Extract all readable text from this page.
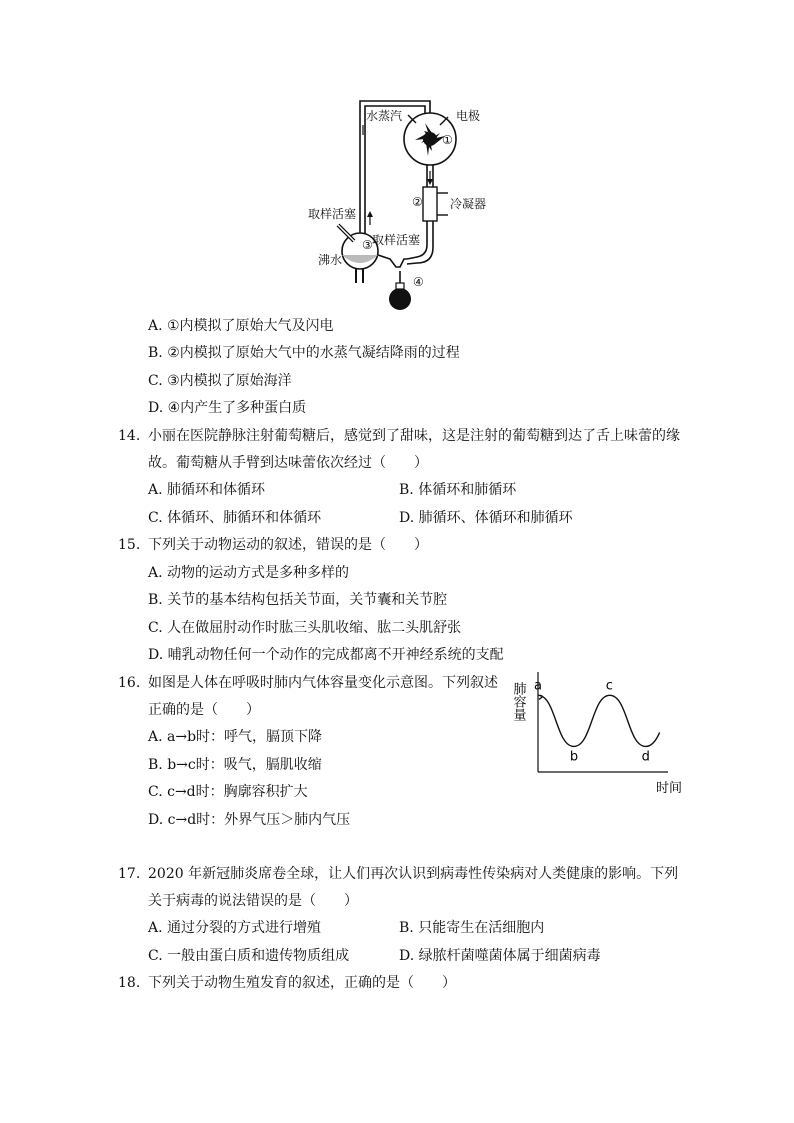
水蒸汽	电极
冷凝器
取样活塞
取样活塞
沸水
①
②
③
④
A. ①内模拟了原始大气及闪电
B. ②内模拟了原始大气中的水蒸气凝结降雨的过程
C. ③内模拟了原始海洋
D. ④内产生了多种蛋白质
14. 小丽在医院静脉注射葡萄糖后，感觉到了甜味，这是注射的葡萄糖到达了舌上味蕾的缘
故。葡萄糖从手臂到达味蕾依次经过（　　）
A. 肺循环和体循环	B. 体循环和肺循环
C. 体循环、肺循环和体循环	D. 肺循环、体循环和肺循环
15. 下列关于动物运动的叙述，错误的是（　　）
A. 动物的运动方式是多种多样的
B. 关节的基本结构包括关节面，关节囊和关节腔
C. 人在做屈肘动作时肱三头肌收缩、肱二头肌舒张
D. 哺乳动物任何一个动作的完成都离不开神经系统的支配
16. 如图是人体在呼吸时肺内气体容量变化示意图。下列叙述
正确的是（　　）
A. a→b时：呼气，膈顶下降
B. b→c时：吸气，膈肌收缩
C. c→d时：胸廓容积扩大
D. c→d时：外界气压＞肺内气压
肺容量
时间
a
b
c
d
17. 2020 年新冠肺炎席卷全球，让人们再次认识到病毒性传染病对人类健康的影响。下列
关于病毒的说法错误的是（　　）
A. 通过分裂的方式进行增殖	B. 只能寄生在活细胞内
C. 一般由蛋白质和遗传物质组成	D. 绿脓杆菌噬菌体属于细菌病毒
18. 下列关于动物生殖发育的叙述，正确的是（　　）
